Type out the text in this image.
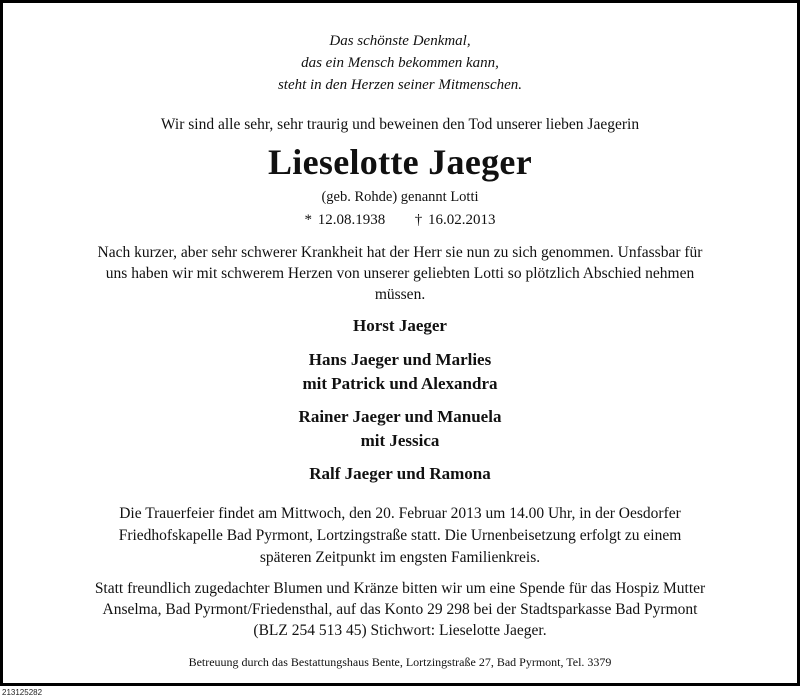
Das schönste Denkmal,
das ein Mensch bekommen kann,
steht in den Herzen seiner Mitmenschen.
Wir sind alle sehr, sehr traurig und beweinen den Tod unserer lieben Jaegerin
Lieselotte Jaeger
(geb. Rohde) genannt Lotti
* 12.08.1938 † 16.02.2013
Nach kurzer, aber sehr schwerer Krankheit hat der Herr sie nun zu sich genommen. Unfassbar für
uns haben wir mit schwerem Herzen von unserer geliebten Lotti so plötzlich Abschied nehmen
müssen.
Horst Jaeger
Hans Jaeger und Marlies
mit Patrick und Alexandra
Rainer Jaeger und Manuela
mit Jessica
Ralf Jaeger und Ramona
Die Trauerfeier findet am Mittwoch, den 20. Februar 2013 um 14.00 Uhr, in der Oesdorfer
Friedhofskapelle Bad Pyrmont, Lortzingstraße statt. Die Urnenbeisetzung erfolgt zu einem
späteren Zeitpunkt im engsten Familienkreis.
Statt freundlich zugedachter Blumen und Kränze bitten wir um eine Spende für das Hospiz Mutter
Anselma, Bad Pyrmont/Friedensthal, auf das Konto 29 298 bei der Stadtsparkasse Bad Pyrmont
(BLZ 254 513 45) Stichwort: Lieselotte Jaeger.
Betreuung durch das Bestattungshaus Bente, Lortzingstraße 27, Bad Pyrmont, Tel. 3379
213125282
